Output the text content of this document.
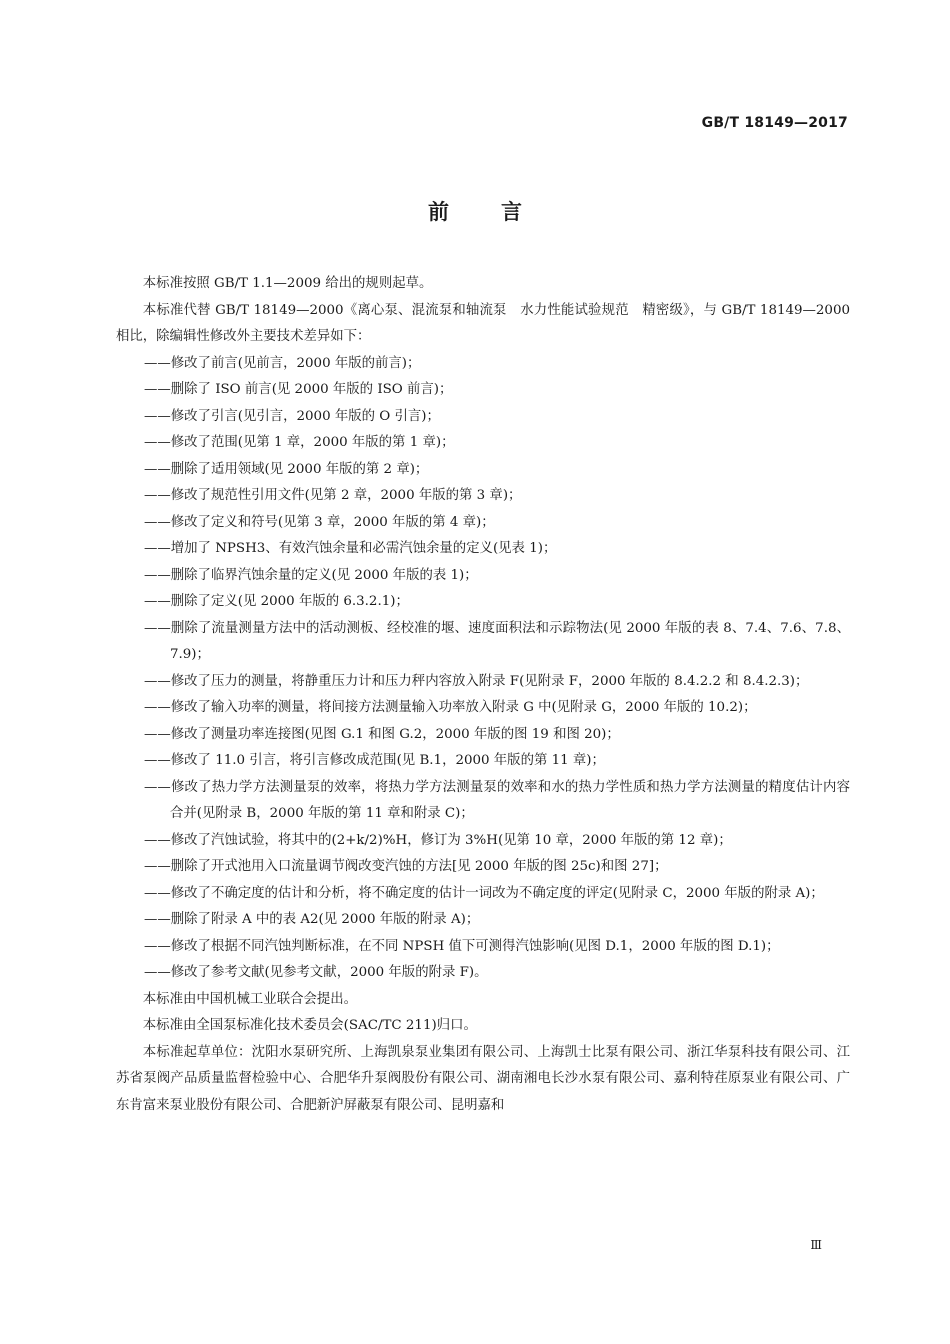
GB/T 18149—2017
前言

本标准按照 GB/T 1.1—2009 给出的规则起草。

本标准代替 GB/T 18149—2000《离心泵、混流泵和轴流泵　水力性能试验规范　精密级》，与 GB/T 18149—2000 相比，除编辑性修改外主要技术差异如下：

——修改了前言(见前言，2000 年版的前言)；

——删除了 ISO 前言(见 2000 年版的 ISO 前言)；

——修改了引言(见引言，2000 年版的 O 引言)；

——修改了范围(见第 1 章，2000 年版的第 1 章)；

——删除了适用领域(见 2000 年版的第 2 章)；

——修改了规范性引用文件(见第 2 章，2000 年版的第 3 章)；

——修改了定义和符号(见第 3 章，2000 年版的第 4 章)；

——增加了 NPSH3、有效汽蚀余量和必需汽蚀余量的定义(见表 1)；

——删除了临界汽蚀余量的定义(见 2000 年版的表 1)；

——删除了定义(见 2000 年版的 6.3.2.1)；

——删除了流量测量方法中的活动测板、经校准的堰、速度面积法和示踪物法(见 2000 年版的表 8、7.4、7.6、7.8、7.9)；

——修改了压力的测量，将静重压力计和压力秤内容放入附录 F(见附录 F，2000 年版的 8.4.2.2 和 8.4.2.3)；

——修改了输入功率的测量，将间接方法测量输入功率放入附录 G 中(见附录 G，2000 年版的 10.2)；

——修改了测量功率连接图(见图 G.1 和图 G.2，2000 年版的图 19 和图 20)；

——修改了 11.0 引言，将引言修改成范围(见 B.1，2000 年版的第 11 章)；

——修改了热力学方法测量泵的效率，将热力学方法测量泵的效率和水的热力学性质和热力学方法测量的精度估计内容合并(见附录 B，2000 年版的第 11 章和附录 C)；

——修改了汽蚀试验，将其中的(2+k/2)%H，修订为 3%H(见第 10 章，2000 年版的第 12 章)；

——删除了开式池用入口流量调节阀改变汽蚀的方法[见 2000 年版的图 25c)和图 27]；

——修改了不确定度的估计和分析，将不确定度的估计一词改为不确定度的评定(见附录 C，2000 年版的附录 A)；

——删除了附录 A 中的表 A2(见 2000 年版的附录 A)；

——修改了根据不同汽蚀判断标准，在不同 NPSH 值下可测得汽蚀影响(见图 D.1，2000 年版的图 D.1)；

——修改了参考文献(见参考文献，2000 年版的附录 F)。

本标准由中国机械工业联合会提出。

本标准由全国泵标准化技术委员会(SAC/TC 211)归口。

本标准起草单位：沈阳水泵研究所、上海凯泉泵业集团有限公司、上海凯士比泵有限公司、浙江华泵科技有限公司、江苏省泵阀产品质量监督检验中心、合肥华升泵阀股份有限公司、湖南湘电长沙水泵有限公司、嘉利特荏原泵业有限公司、广东肯富来泵业股份有限公司、合肥新沪屏蔽泵有限公司、昆明嘉和

Ⅲ
